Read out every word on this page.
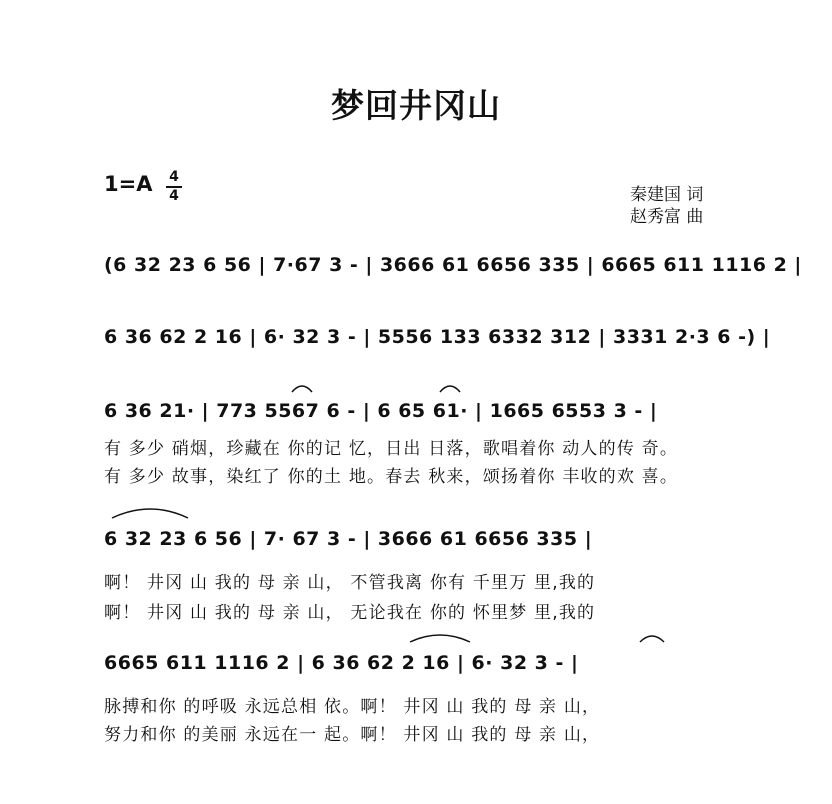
梦回井冈山
1=A 4
4	秦建国 词
赵秀富 曲
(6 32 23 6 56 | 7·67 3 - | 3666 61 6656 335 | 6665 611 1116 2 |
6 36 62 2 16 | 6· 32 3 - | 5556 133 6332 312 | 3331 2·3 6 -) |
6 36 21· | 773 5567 6 - | 6 65 61· | 1665 6553 3 - |
有 多少 硝烟，珍藏在 你的记 忆，日出 日落，歌唱着你 动人的传 奇。
有 多少 故事，染红了 你的土 地。春去 秋来，颂扬着你 丰收的欢 喜。
6 32 23 6 56 | 7· 67 3 - | 3666 61 6656 335 |
啊！ 井冈 山 我的 母 亲 山， 不管我离 你有 千里万 里,我的
啊！ 井冈 山 我的 母 亲 山， 无论我在 你的 怀里梦 里,我的
6665 611 1116 2 | 6 36 62 2 16 | 6· 32 3 - |
脉搏和你 的呼吸 永远总相 依。啊！ 井冈 山 我的 母 亲 山，
努力和你 的美丽 永远在一 起。啊！ 井冈 山 我的 母 亲 山，
